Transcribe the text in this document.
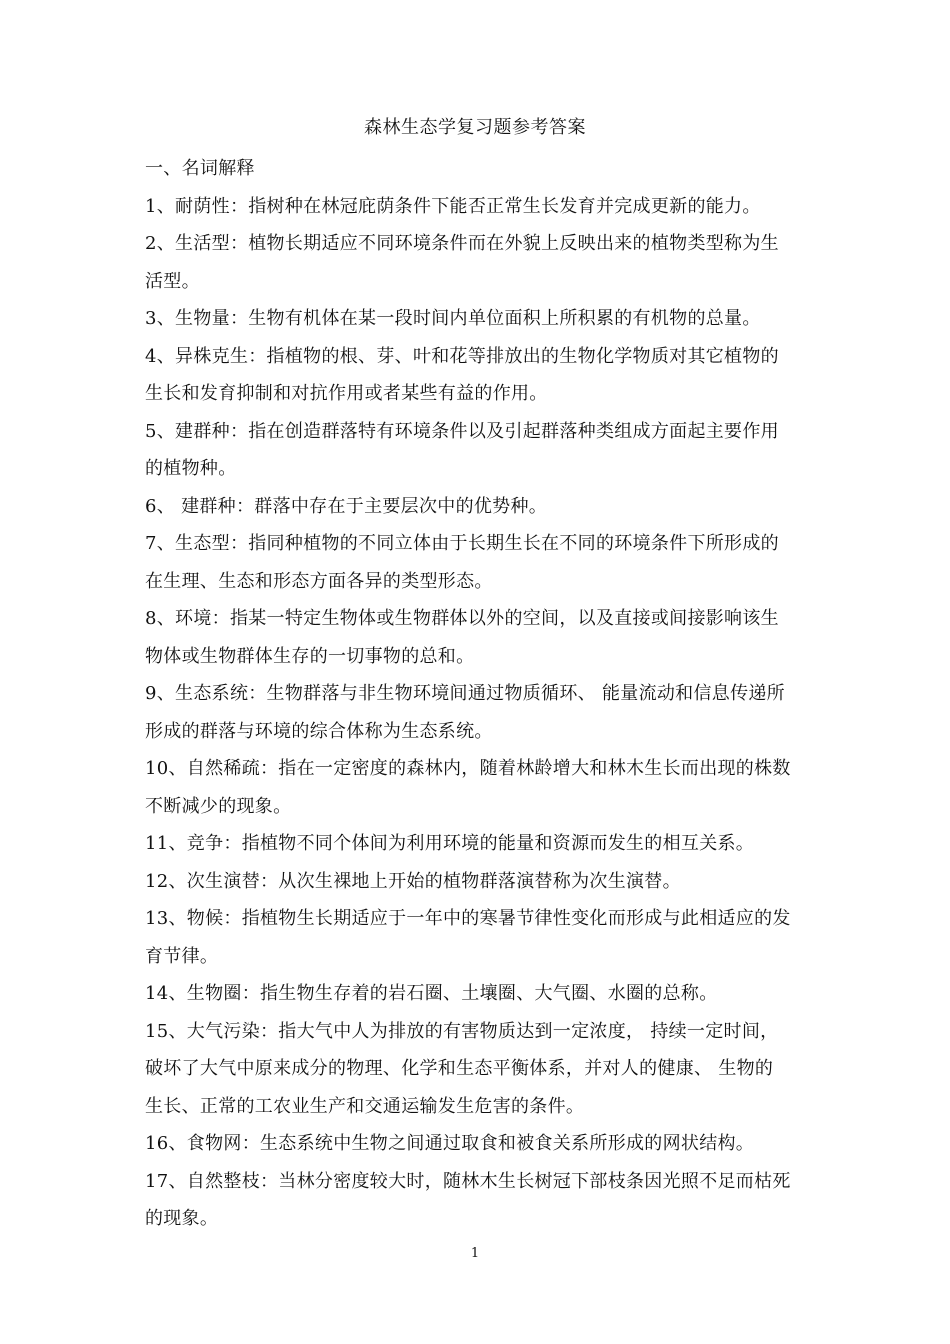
森林生态学复习题参考答案
一、名词解释
1、耐荫性：指树种在林冠庇荫条件下能否正常生长发育并完成更新的能力。
2、生活型：植物长期适应不同环境条件而在外貌上反映出来的植物类型称为生
活型。
3、生物量：生物有机体在某一段时间内单位面积上所积累的有机物的总量。
4、异株克生：指植物的根、芽、叶和花等排放出的生物化学物质对其它植物的
生长和发育抑制和对抗作用或者某些有益的作用。
5、建群种：指在创造群落特有环境条件以及引起群落种类组成方面起主要作用
的植物种。
6、 建群种：群落中存在于主要层次中的优势种。
7、生态型：指同种植物的不同立体由于长期生长在不同的环境条件下所形成的
在生理、生态和形态方面各异的类型形态。
8、环境：指某一特定生物体或生物群体以外的空间，以及直接或间接影响该生
物体或生物群体生存的一切事物的总和。
9、生态系统：生物群落与非生物环境间通过物质循环、 能量流动和信息传递所
形成的群落与环境的综合体称为生态系统。
10、自然稀疏：指在一定密度的森林内，随着林龄增大和林木生长而出现的株数
不断减少的现象。
11、竞争：指植物不同个体间为利用环境的能量和资源而发生的相互关系。
12、次生演替：从次生裸地上开始的植物群落演替称为次生演替。
13、物候：指植物生长期适应于一年中的寒暑节律性变化而形成与此相适应的发
育节律。
14、生物圈：指生物生存着的岩石圈、土壤圈、大气圈、水圈的总称。
15、大气污染：指大气中人为排放的有害物质达到一定浓度， 持续一定时间，
破坏了大气中原来成分的物理、化学和生态平衡体系，并对人的健康、 生物的
生长、正常的工农业生产和交通运输发生危害的条件。
16、食物网：生态系统中生物之间通过取食和被食关系所形成的网状结构。
17、自然整枝：当林分密度较大时，随林木生长树冠下部枝条因光照不足而枯死
的现象。
1
